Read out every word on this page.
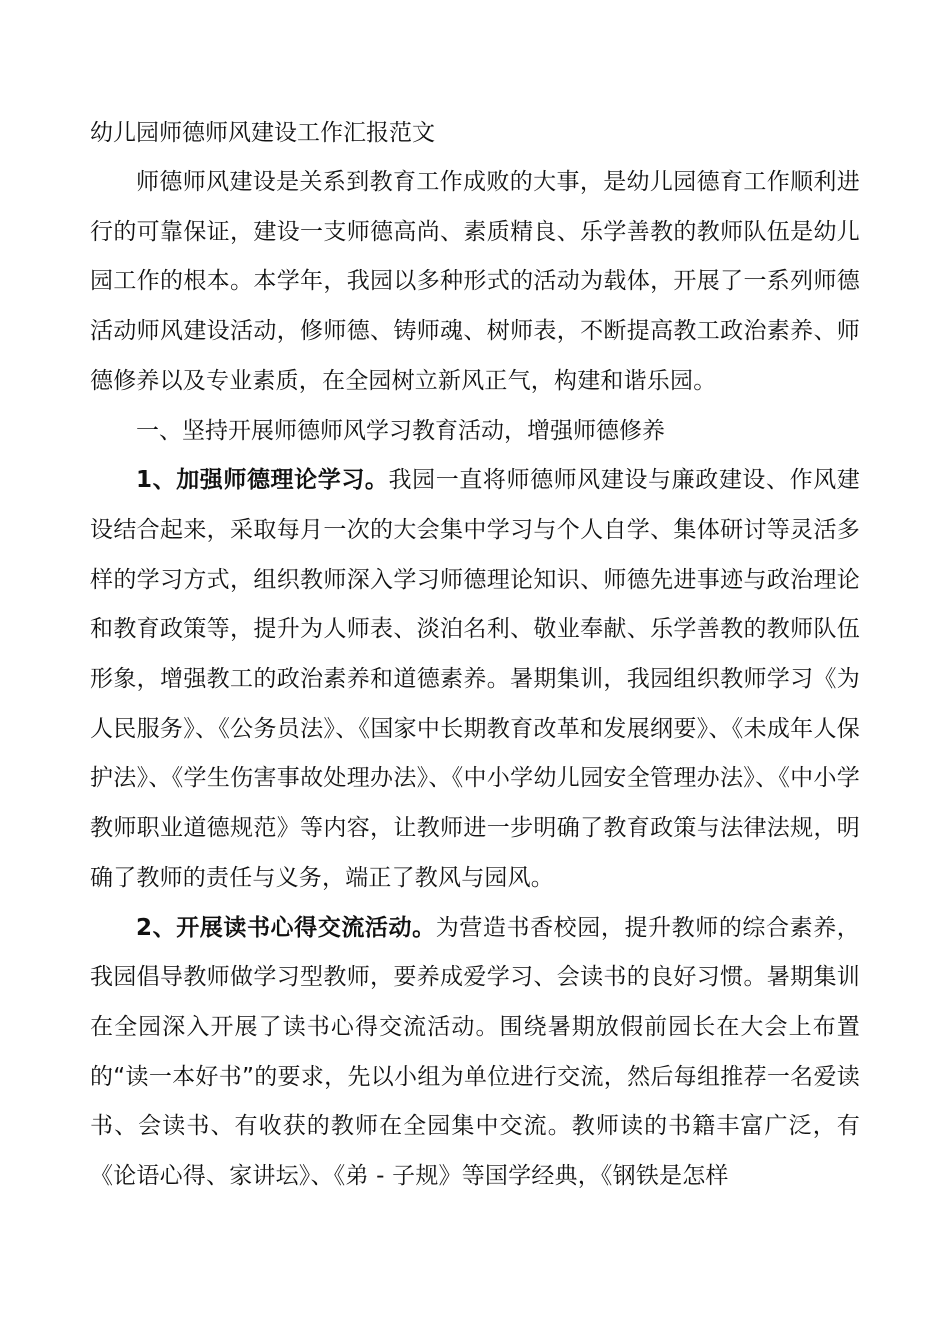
幼儿园师德师风建设工作汇报范文

师德师风建设是关系到教育工作成败的大事，是幼儿园德育工作顺利进行的可靠保证，建设一支师德高尚、素质精良、乐学善教的教师队伍是幼儿园工作的根本。本学年，我园以多种形式的活动为载体，开展了一系列师德活动师风建设活动，修师德、铸师魂、树师表，不断提高教工政治素养、师德修养以及专业素质，在全园树立新风正气，构建和谐乐园。

一、坚持开展师德师风学习教育活动，增强师德修养

1、加强师德理论学习。我园一直将师德师风建设与廉政建设、作风建设结合起来，采取每月一次的大会集中学习与个人自学、集体研讨等灵活多样的学习方式，组织教师深入学习师德理论知识、师德先进事迹与政治理论和教育政策等，提升为人师表、淡泊名利、敬业奉献、乐学善教的教师队伍形象，增强教工的政治素养和道德素养。暑期集训，我园组织教师学习《为人民服务》、《公务员法》、《国家中长期教育改革和发展纲要》、《未成年人保护法》、《学生伤害事故处理办法》、《中小学幼儿园安全管理办法》、《中小学教师职业道德规范》等内容，让教师进一步明确了教育政策与法律法规，明确了教师的责任与义务，端正了教风与园风。

2、开展读书心得交流活动。为营造书香校园，提升教师的综合素养，我园倡导教师做学习型教师，要养成爱学习、会读书的良好习惯。暑期集训在全园深入开展了读书心得交流活动。围绕暑期放假前园长在大会上布置的“读一本好书”的要求，先以小组为单位进行交流，然后每组推荐一名爱读书、会读书、有收获的教师在全园集中交流。教师读的书籍丰富广泛，有《论语心得、家讲坛》、《弟 - 子规》等国学经典，《钢铁是怎样
